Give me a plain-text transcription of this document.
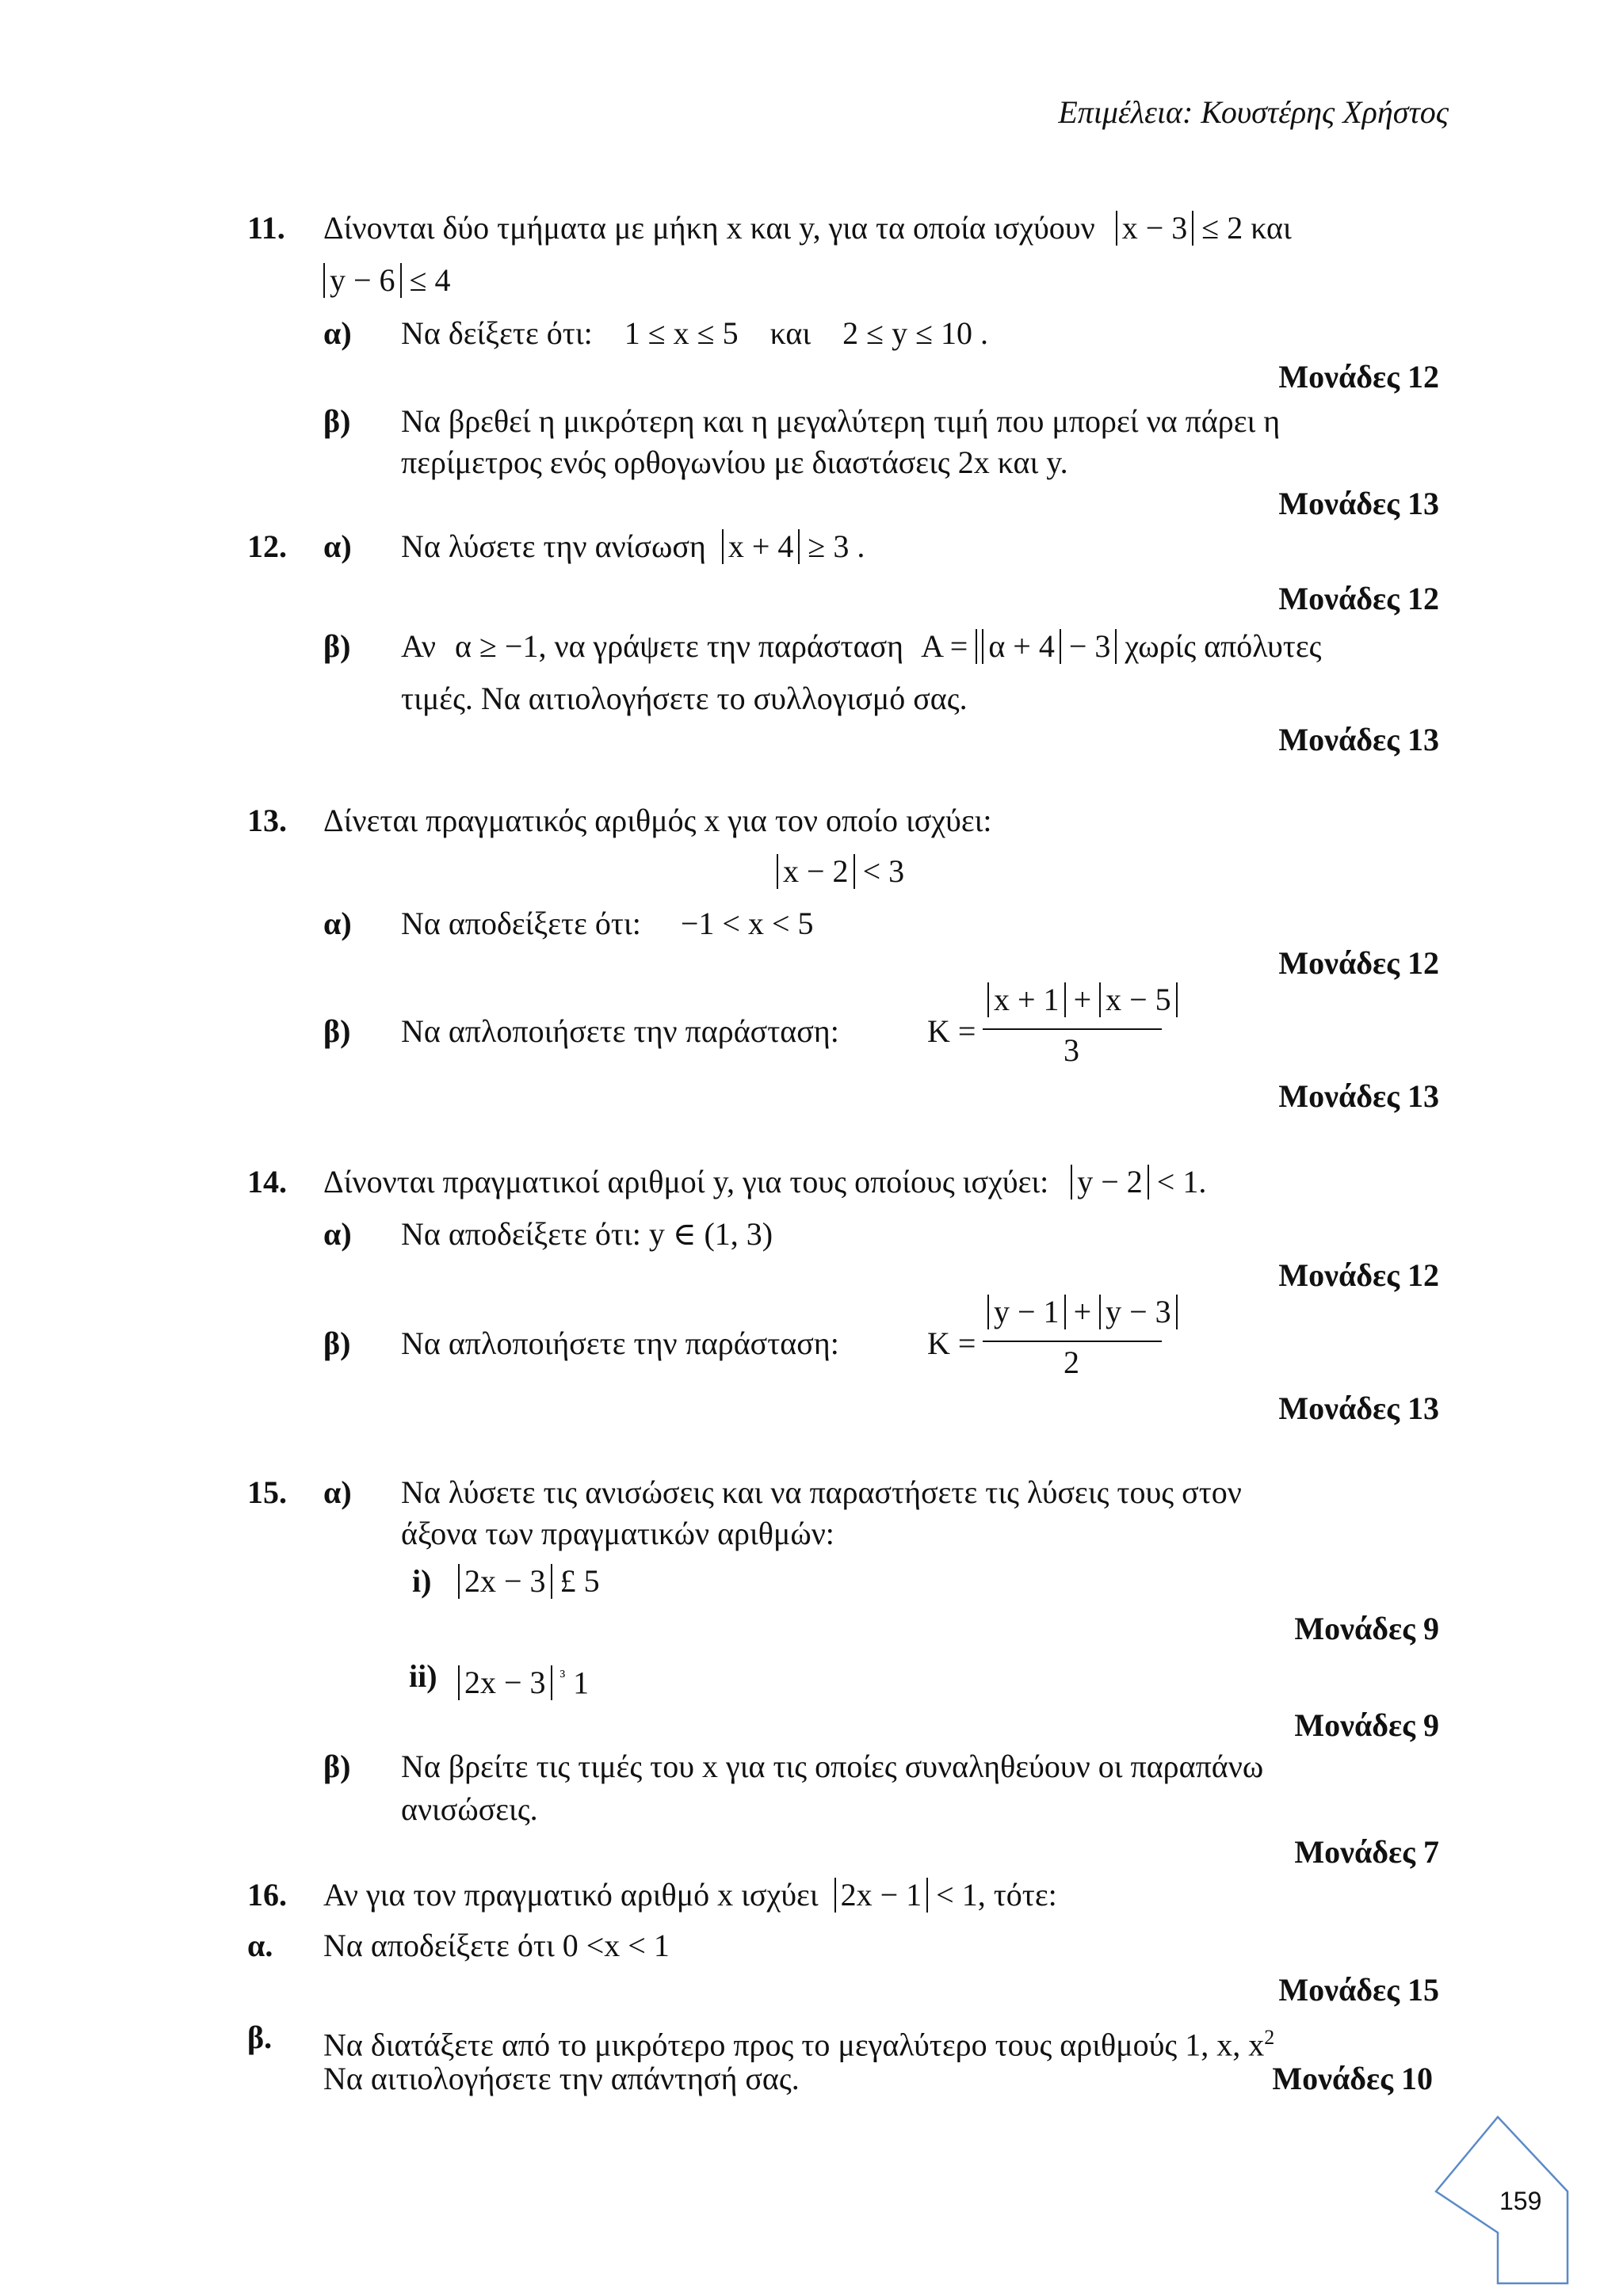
Επιμέλεια: Κουστέρης Χρήστος
11. Δίνονται δύο τμήματα με μήκη x και y, για τα οποία ισχύουν x − 3 ≤ 2 και
y − 6 ≤ 4
α) Να δείξετε ότι: 1 ≤ x ≤ 5 και 2 ≤ y ≤ 10 .
Μονάδες 12
β) Να βρεθεί η μικρότερη και η μεγαλύτερη τιμή που μπορεί να πάρει η
περίμετρος ενός ορθογωνίου με διαστάσεις 2x και y.
Μονάδες 13
12. α) Να λύσετε την ανίσωση x + 4 ≥ 3 .
Μονάδες 12
β) Αν α ≥ −1, να γράψετε την παράσταση A = α + 4 − 3 χωρίς απόλυτες
τιμές. Να αιτιολογήσετε το συλλογισμό σας.
Μονάδες 13
13. Δίνεται πραγματικός αριθμός x για τον οποίο ισχύει:
x − 2 < 3
α) Να αποδείξετε ότι: −1 < x < 5
Μονάδες 12
β) Να απλοποιήσετε την παράσταση:	K =
x + 1 + x − 5
3
Μονάδες 13
14. Δίνονται πραγματικοί αριθμοί y, για τους οποίους ισχύει: y − 2 < 1.
α) Να αποδείξετε ότι: y ∈ (1, 3)
Μονάδες 12
β) Να απλοποιήσετε την παράσταση:	K =
y − 1 + y − 3
2
Μονάδες 13
15. α) Να λύσετε τις ανισώσεις και να παραστήσετε τις λύσεις τους στον
άξονα των πραγματικών αριθμών:
i) 2x − 3 £ 5
Μονάδες 9
ii) 2x − 3 $^{^3}$ 1
Μονάδες 9
β) Να βρείτε τις τιμές του x για τις οποίες συναληθεύουν οι παραπάνω
ανισώσεις.
Μονάδες 7
16. Αν για τον πραγματικό αριθμό x ισχύει 2x − 1 < 1, τότε:
α. Να αποδείξετε ότι 0 <x < 1
Μονάδες 15
β. Να διατάξετε από το μικρότερο προς το μεγαλύτερο τους αριθμούς 1, x, $x^2$
Να αιτιολογήσετε την απάντησή σας.	Μονάδες 10
159
